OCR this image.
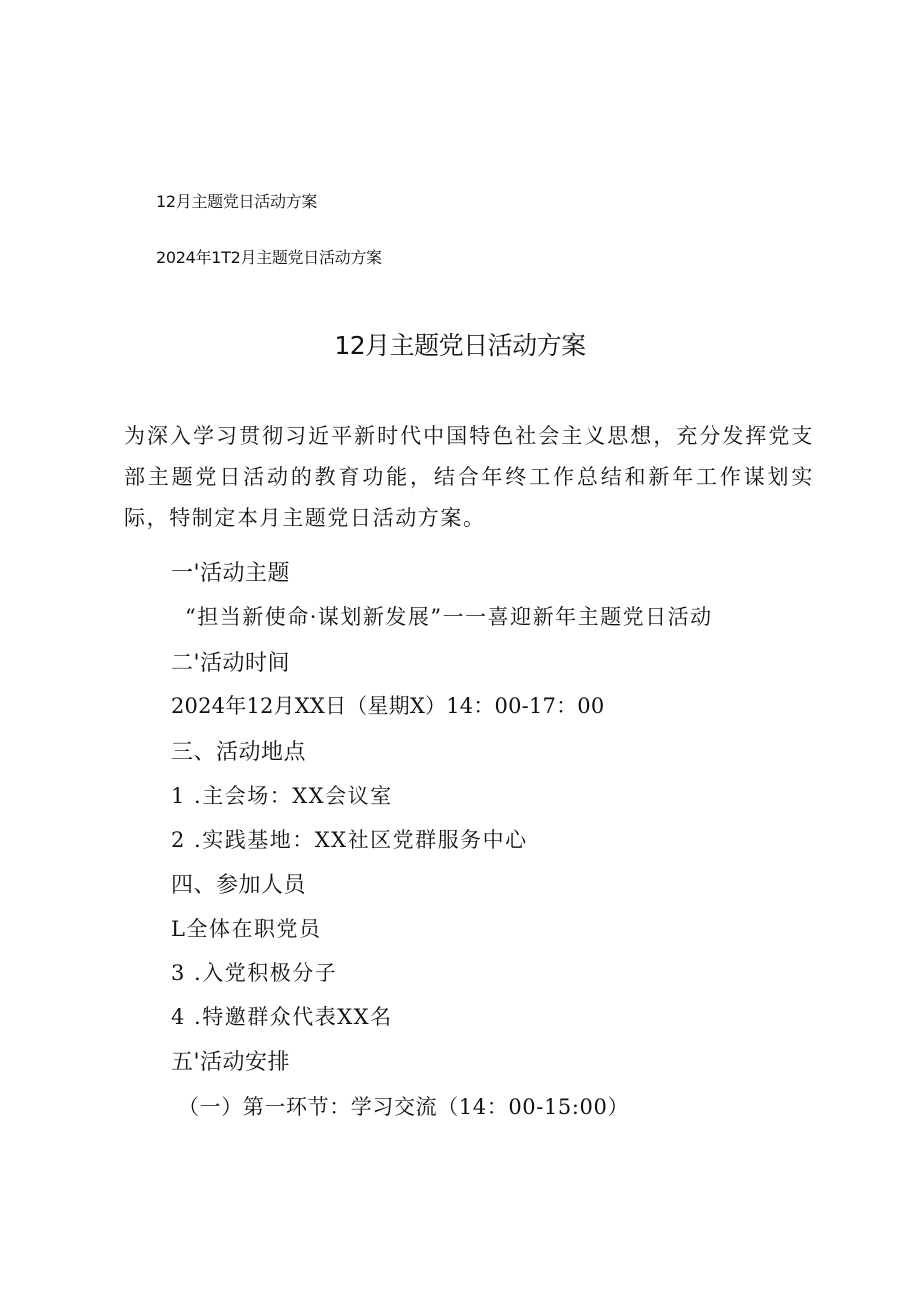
12月主题党日活动方案
2024年1T2月主题党日活动方案
12月主题党日活动方案

为深入学习贯彻习近平新时代中国特色社会主义思想，充分发挥党支部主题党日活动的教育功能，结合年终工作总结和新年工作谋划实际，特制定本月主题党日活动方案。

一'活动主题
“担当新使命·谋划新发展”一一喜迎新年主题党日活动
二'活动时间
2024年12月XX日（星期X）14：00-17：00
三、活动地点
1 .主会场：XX会议室
2 .实践基地：XX社区党群服务中心
四、参加人员
L全体在职党员
3 .入党积极分子
4 .特邀群众代表XX名
五'活动安排
（一）第一环节：学习交流（14：00-15:00）
